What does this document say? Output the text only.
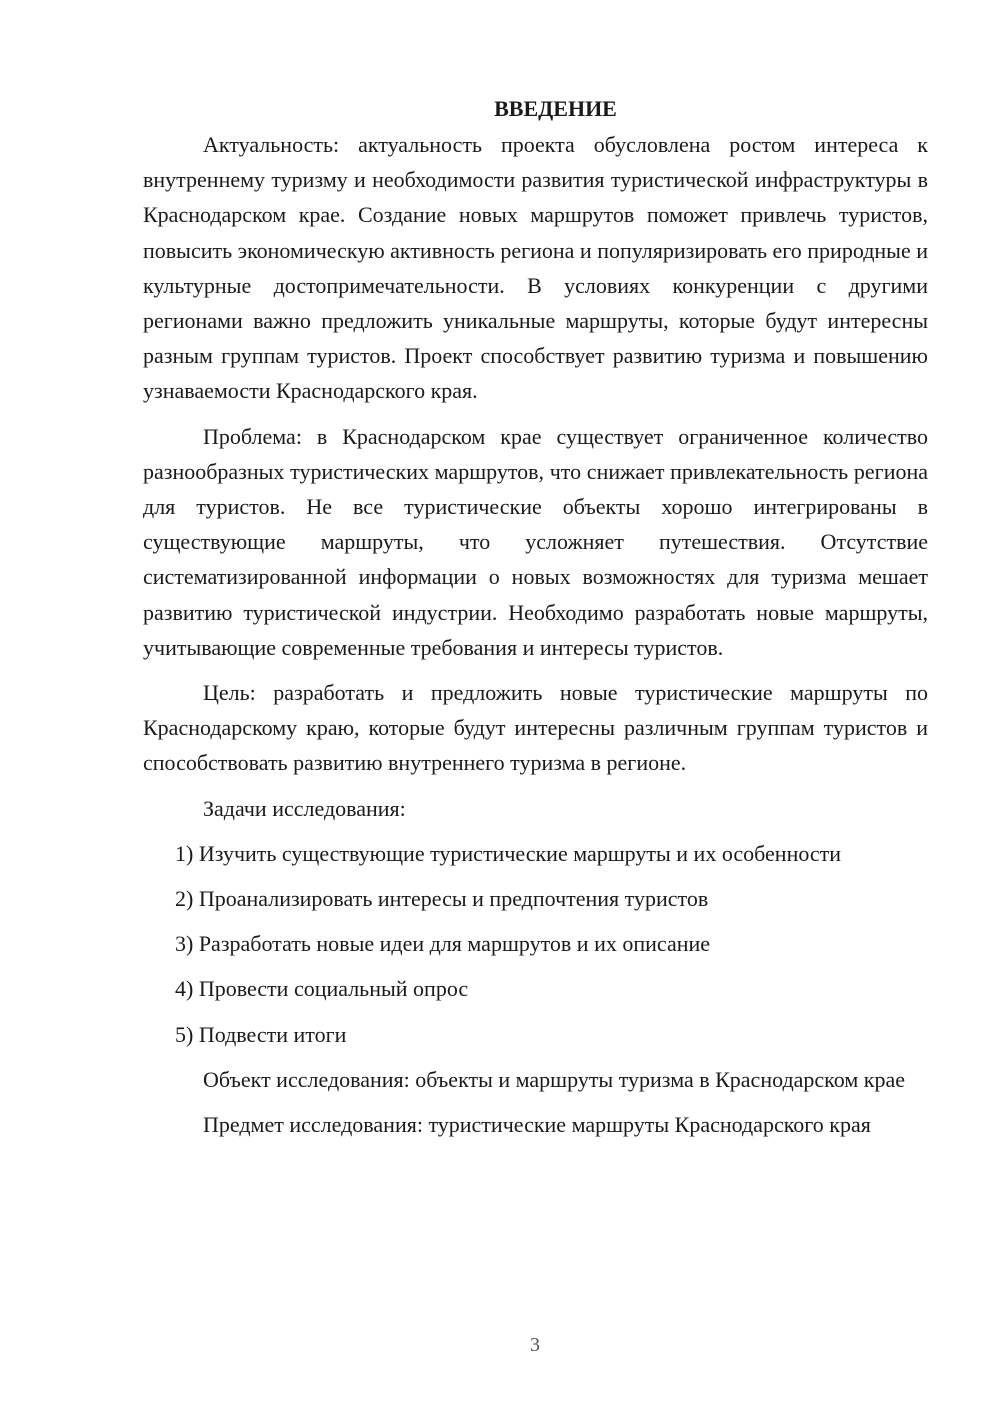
ВВЕДЕНИЕ

Актуальность: актуальность проекта обусловлена ростом интереса к внутреннему туризму и необходимости развития туристической инфраструктуры в Краснодарском крае. Создание новых маршрутов поможет привлечь туристов, повысить экономическую активность региона и популяризировать его природные и культурные достопримечательности. В условиях конкуренции с другими регионами важно предложить уникальные маршруты, которые будут интересны разным группам туристов. Проект способствует развитию туризма и повышению узнаваемости Краснодарского края.

Проблема: в Краснодарском крае существует ограниченное количество разнообразных туристических маршрутов, что снижает привлекательность региона для туристов. Не все туристические объекты хорошо интегрированы в существующие маршруты, что усложняет путешествия. Отсутствие систематизированной информации о новых возможностях для туризма мешает развитию туристической индустрии. Необходимо разработать новые маршруты, учитывающие современные требования и интересы туристов.

Цель: разработать и предложить новые туристические маршруты по Краснодарскому краю, которые будут интересны различным группам туристов и способствовать развитию внутреннего туризма в регионе.

Задачи исследования:

1) Изучить существующие туристические маршруты и их особенности
2) Проанализировать интересы и предпочтения туристов
3) Разработать новые идеи для маршрутов и их описание
4) Провести социальный опрос
5) Подвести итоги

Объект исследования: объекты и маршруты туризма в Краснодарском крае

Предмет исследования: туристические маршруты Краснодарского края

3
